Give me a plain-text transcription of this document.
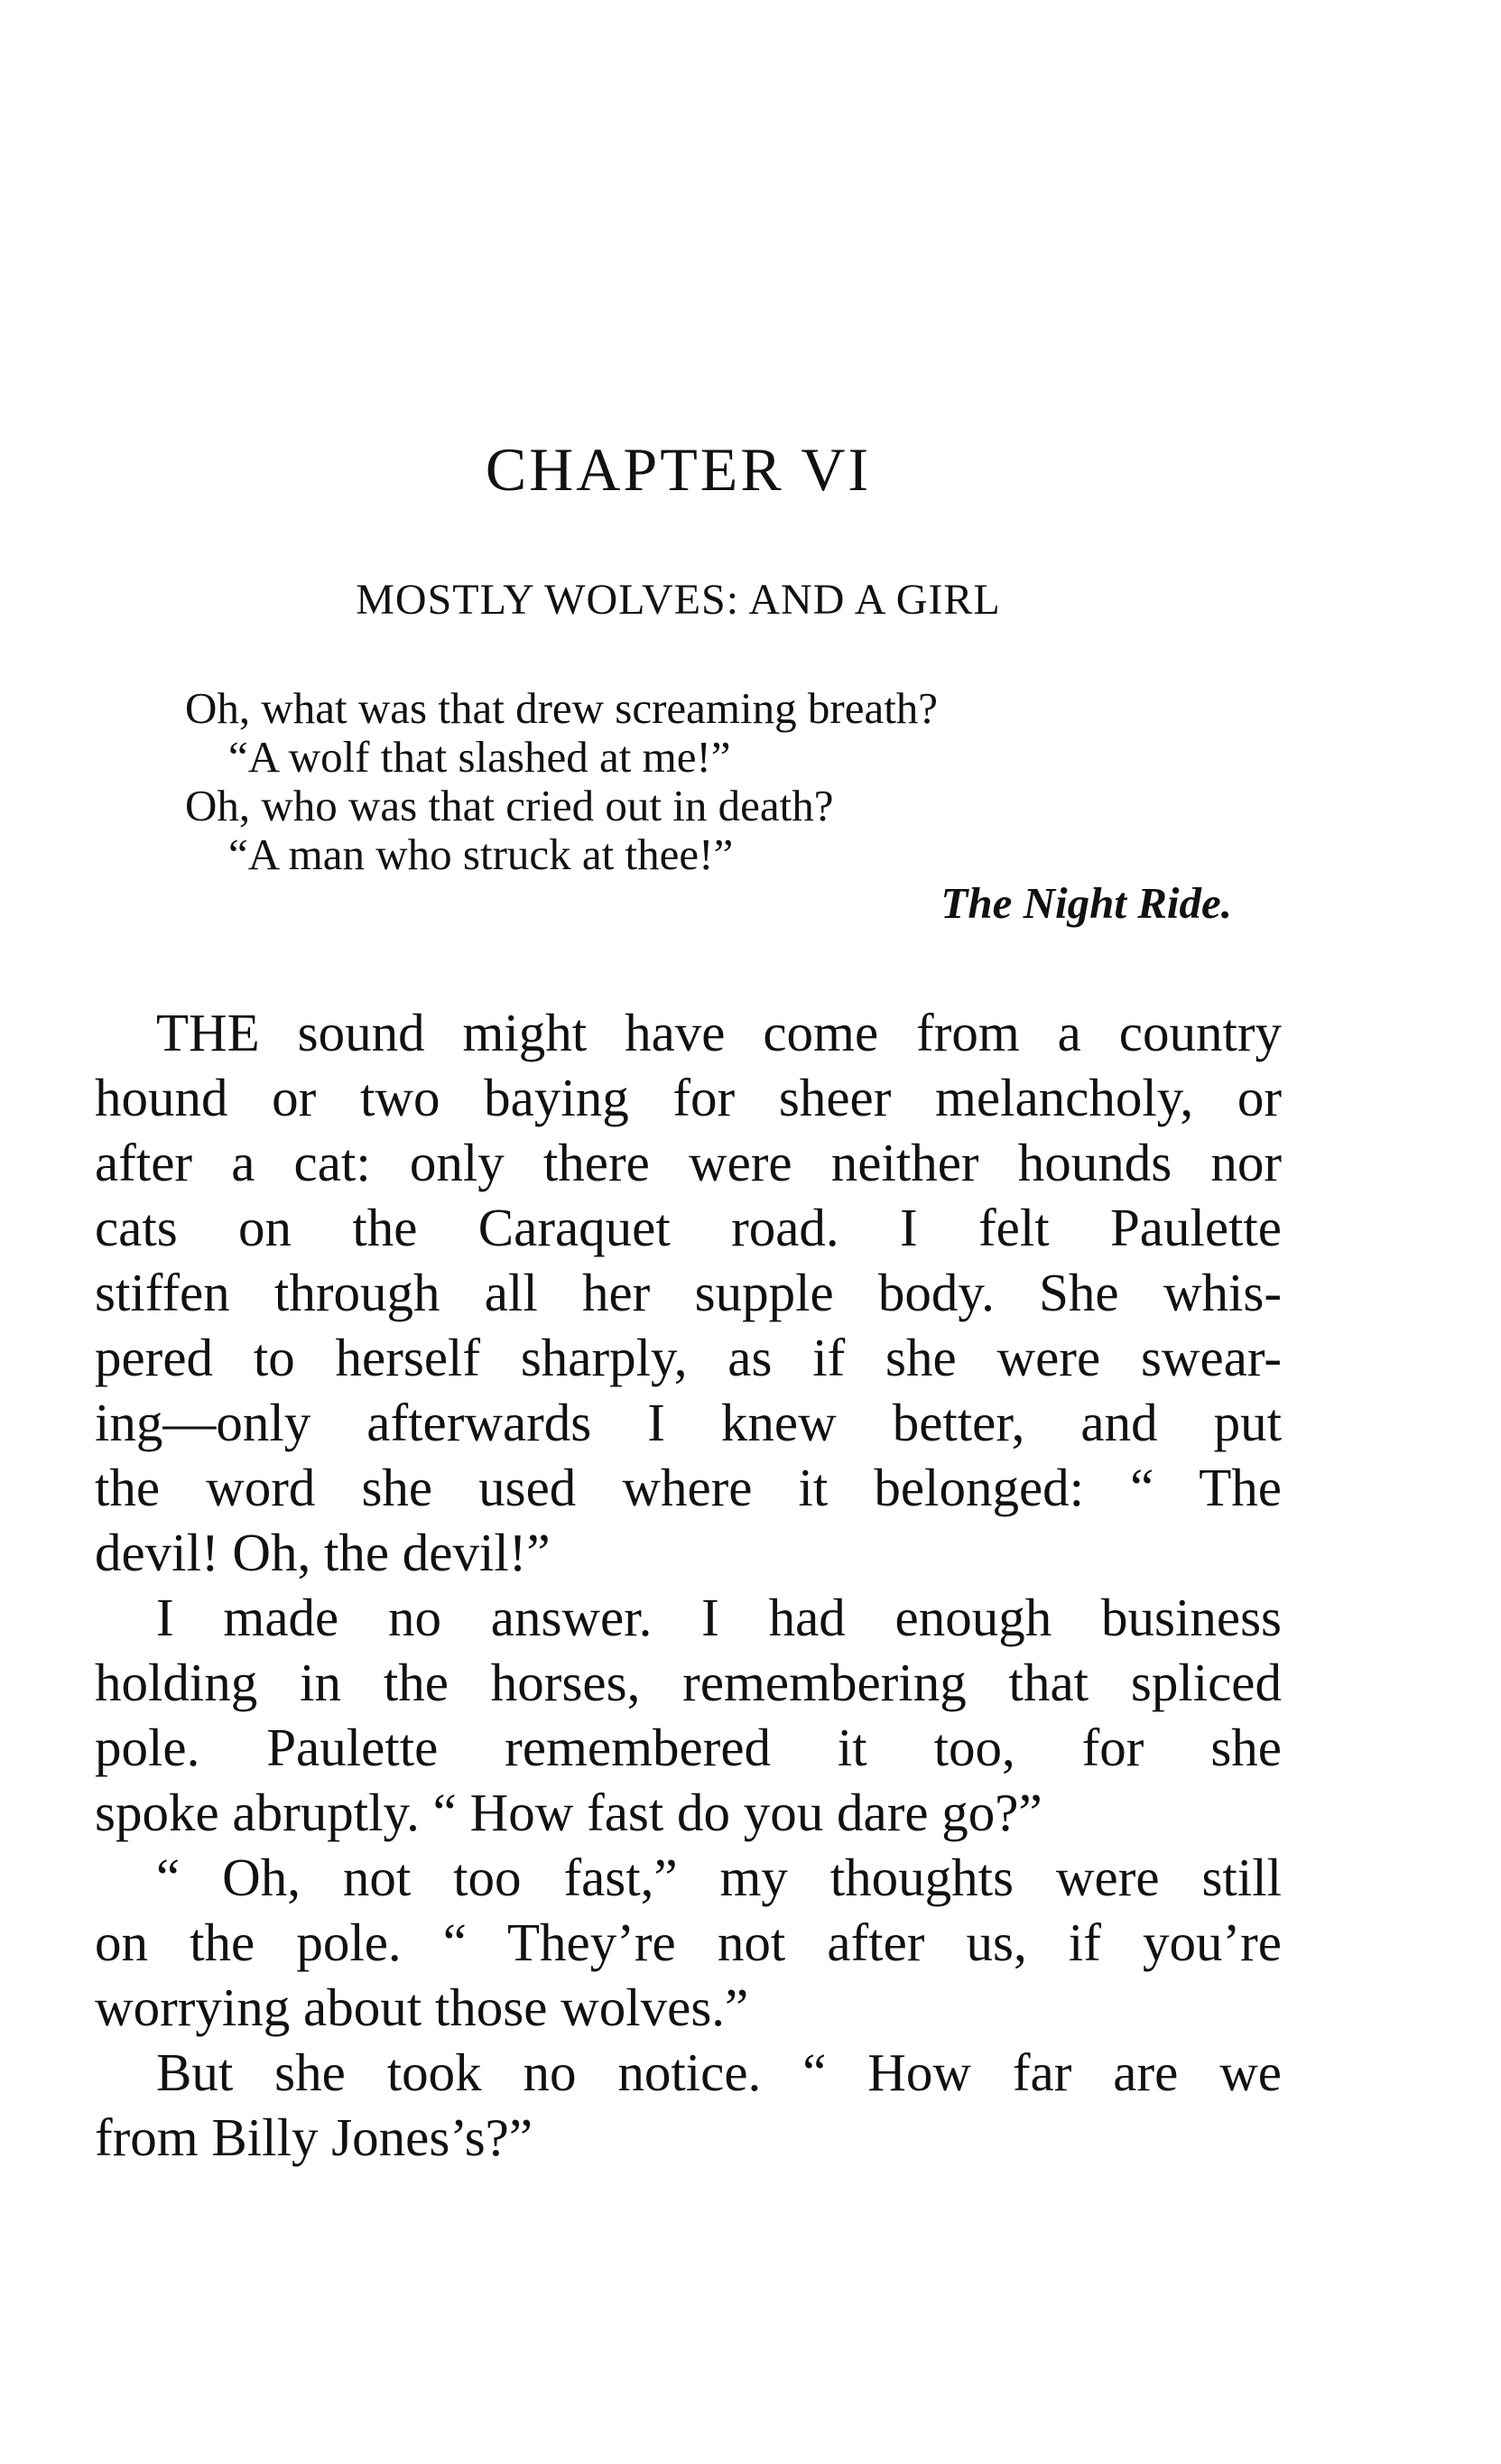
CHAPTER VI
MOSTLY WOLVES: AND A GIRL
Oh, what was that drew screaming breath?
“A wolf that slashed at me!”
Oh, who was that cried out in death?
“A man who struck at thee!”
The Night Ride.
THE sound might have come from a country
hound or two baying for sheer melancholy, or
after a cat: only there were neither hounds nor
cats on the Caraquet road. I felt Paulette
stiffen through all her supple body. She whis-
pered to herself sharply, as if she were swear-
ing—only afterwards I knew better, and put
the word she used where it belonged: “ The
devil! Oh, the devil!”
I made no answer. I had enough business
holding in the horses, remembering that spliced
pole. Paulette remembered it too, for she
spoke abruptly. “ How fast do you dare go?”
“ Oh, not too fast,” my thoughts were still
on the pole. “ They’re not after us, if you’re
worrying about those wolves.”
But she took no notice. “ How far are we
from Billy Jones’s?”
